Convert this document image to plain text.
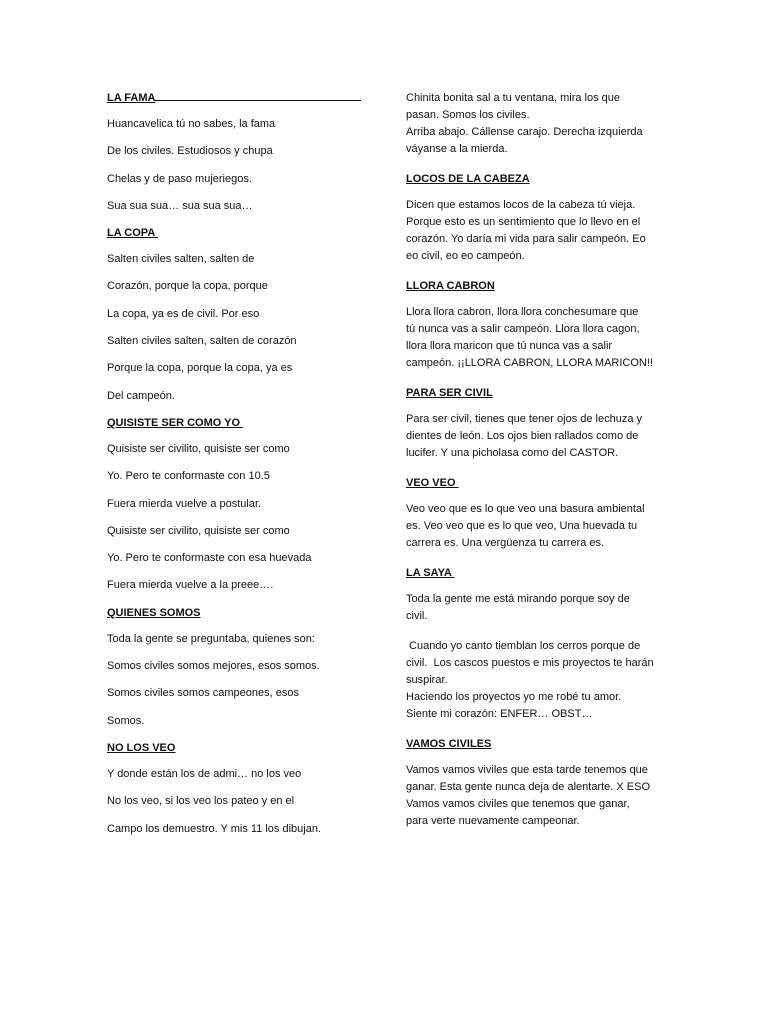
LA FAMA
Huancavelica tú no sabes, la fama
De los civiles. Estudiosos y chupa
Chelas y de paso mujeriegos.
Sua sua sua… sua sua sua…
LA COPA
Salten civiles salten, salten de
Corazón, porque la copa, porque
La copa, ya es de civil. Por eso
Salten civiles salten, salten de corazón
Porque la copa, porque la copa, ya es
Del campeón.
QUISISTE SER COMO YO
Quisiste ser civilito, quisiste ser como
Yo. Pero te conformaste con 10.5
Fuera mierda vuelve a postular.
Quisiste ser civilito, quisiste ser como
Yo. Pero te conformaste con esa huevada
Fuera mierda vuelve a la preee….
QUIENES SOMOS
Toda la gente se preguntaba, quienes son:
Somos civiles somos mejores, esos somos.
Somos civiles somos campeones, esos
Somos.
NO LOS VEO
Y donde están los de admi… no los veo
No los veo, si los veo los pateo y en el
Campo los demuestro. Y mis 11 los dibujan.
Chinita bonita sal a tu ventana, mira los que
pasan. Somos los civiles.
Arriba abajo. Cállense carajo. Derecha izquierda
váyanse a la mierda.
LOCOS DE LA CABEZA
Dicen que estamos locos de la cabeza tú vieja.
Porque esto es un sentimiento que lo llevo en el
corazón. Yo daría mi vida para salir campeón. Eo
eo civil, eo eo campeón.
LLORA CABRON
Llora llora cabron, llora llora conchesumare que
tú nunca vas a salir campeón. Llora llora cagon,
llora llora maricon que tú nunca vas a salir
campeón. ¡¡LLORA CABRON, LLORA MARICON!!
PARA SER CIVIL
Para ser civil, tienes que tener ojos de lechuza y
dientes de león. Los ojos bien rallados como de
lucifer. Y una picholasa como del CASTOR.
VEO VEO
Veo veo que es lo que veo una basura ambiental
es. Veo veo que es lo que veo, Una huevada tu
carrera es. Una vergüenza tu carrera es.
LA SAYA
Toda la gente me está mirando porque soy de
civil.
Cuando yo canto tiemblan los cerros porque de
civil.  Los cascos puestos e mis proyectos te harán
suspirar.
Haciendo los proyectos yo me robé tu amor.
Siente mi corazón: ENFER… OBST…
VAMOS CIVILES
Vamos vamos viviles que esta tarde tenemos que
ganar. Esta gente nunca deja de alentarte. X ESO
Vamos vamos civiles que tenemos que ganar,
para verte nuevamente campeonar.
